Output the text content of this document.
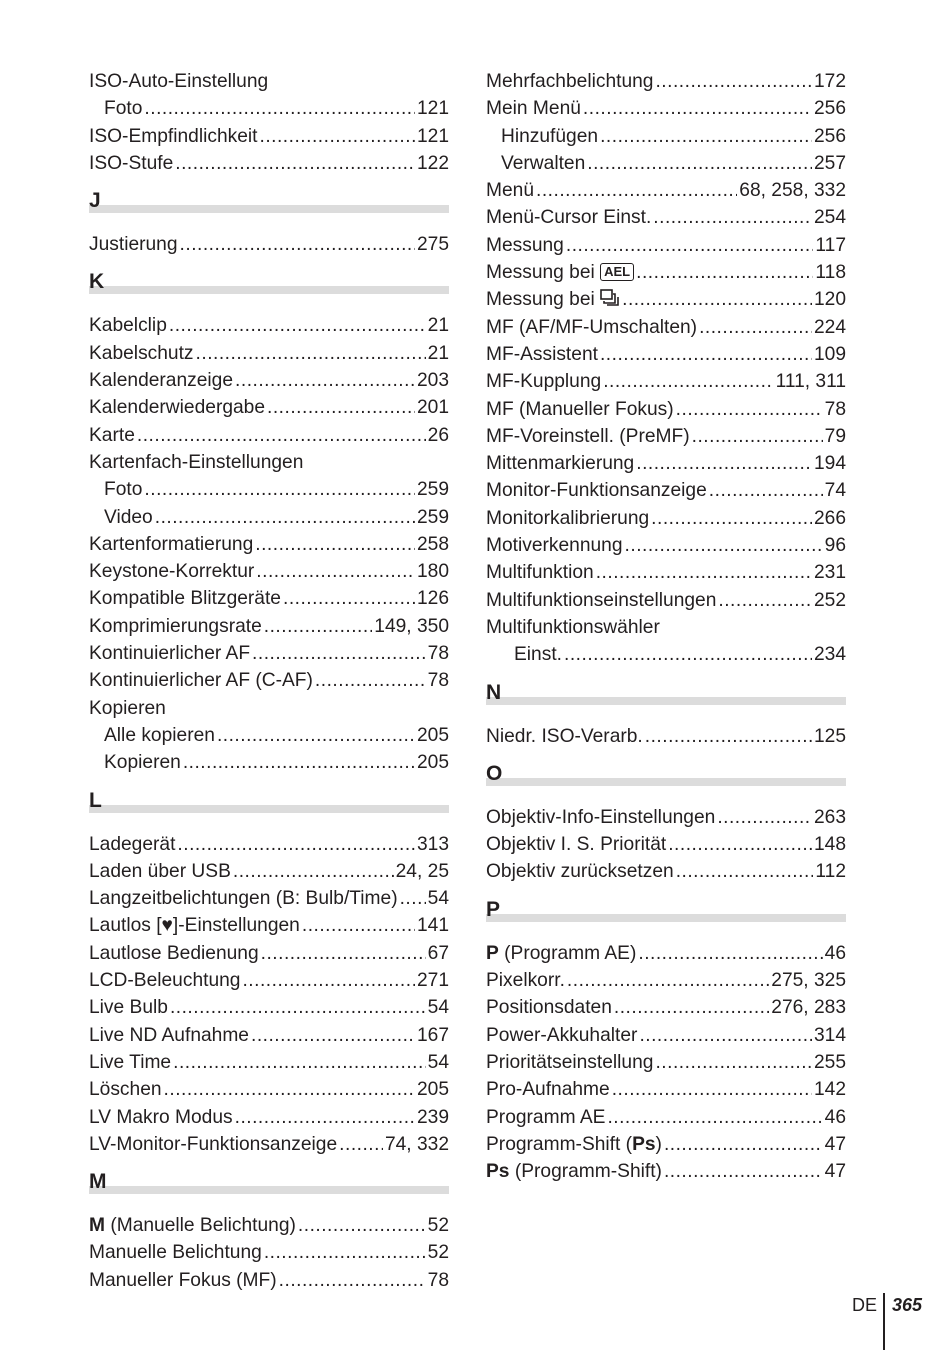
ISO-Auto-Einstellung
Foto .....	121
ISO-Empfindlichkeit .....	121
ISO-Stufe .....	122
J
Justierung .....	275
K
Kabelclip .....	21
Kabelschutz .....	21
Kalenderanzeige .....	203
Kalenderwiedergabe .....	201
Karte .....	26
Kartenfach-Einstellungen
Foto .....	259
Video .....	259
Kartenformatierung .....	258
Keystone-Korrektur .....	180
Kompatible Blitzgeräte .....	126
Komprimierungsrate .....	149, 350
Kontinuierlicher AF .....	78
Kontinuierlicher AF (C-AF) .....	78
Kopieren
Alle kopieren .....	205
Kopieren .....	205
L
Ladegerät .....	313
Laden über USB .....	24, 25
Langzeitbelichtungen (B: Bulb/Time) ..... 54
Lautlos [♥]-Einstellungen .....	141
Lautlose Bedienung .....	67
LCD-Beleuchtung .....	271
Live Bulb .....	54
Live ND Aufnahme .....	167
Live Time .....	54
Löschen .....	205
LV Makro Modus .....	239
LV-Monitor-Funktionsanzeige ..... 74, 332
M
M (Manuelle Belichtung) .....	52
Manuelle Belichtung .....	52
Manueller Fokus (MF) .....	78
Mehrfachbelichtung .....	172
Mein Menü .....	256
Hinzufügen .....	256
Verwalten .....	257
Menü .....	68, 258, 332
Menü-Cursor Einst. .....	254
Messung .....	117
Messung bei AEL .....	118
Messung bei .....	120
MF (AF/MF-Umschalten) .....	224
MF-Assistent .....	109
MF-Kupplung .....	111, 311
MF (Manueller Fokus) .....	78
MF-Voreinstell. (PreMF) .....	79
Mittenmarkierung .....	194
Monitor-Funktionsanzeige .....	74
Monitorkalibrierung .....	266
Motiverkennung .....	96
Multifunktion .....	231
Multifunktionseinstellungen .....	252
Multifunktionswähler
Einst. .....	234
N
Niedr. ISO-Verarb. .....	125
O
Objektiv-Info-Einstellungen .....	263
Objektiv I. S. Priorität .....	148
Objektiv zurücksetzen .....	112
P
P (Programm AE) .....	46
Pixelkorr. .....	275, 325
Positionsdaten .....	276, 283
Power-Akkuhalter .....	314
Prioritätseinstellung .....	255
Pro-Aufnahme .....	142
Programm AE .....	46
Programm-Shift (Ps) .....	47
Ps (Programm-Shift) .....	47
DE 365
